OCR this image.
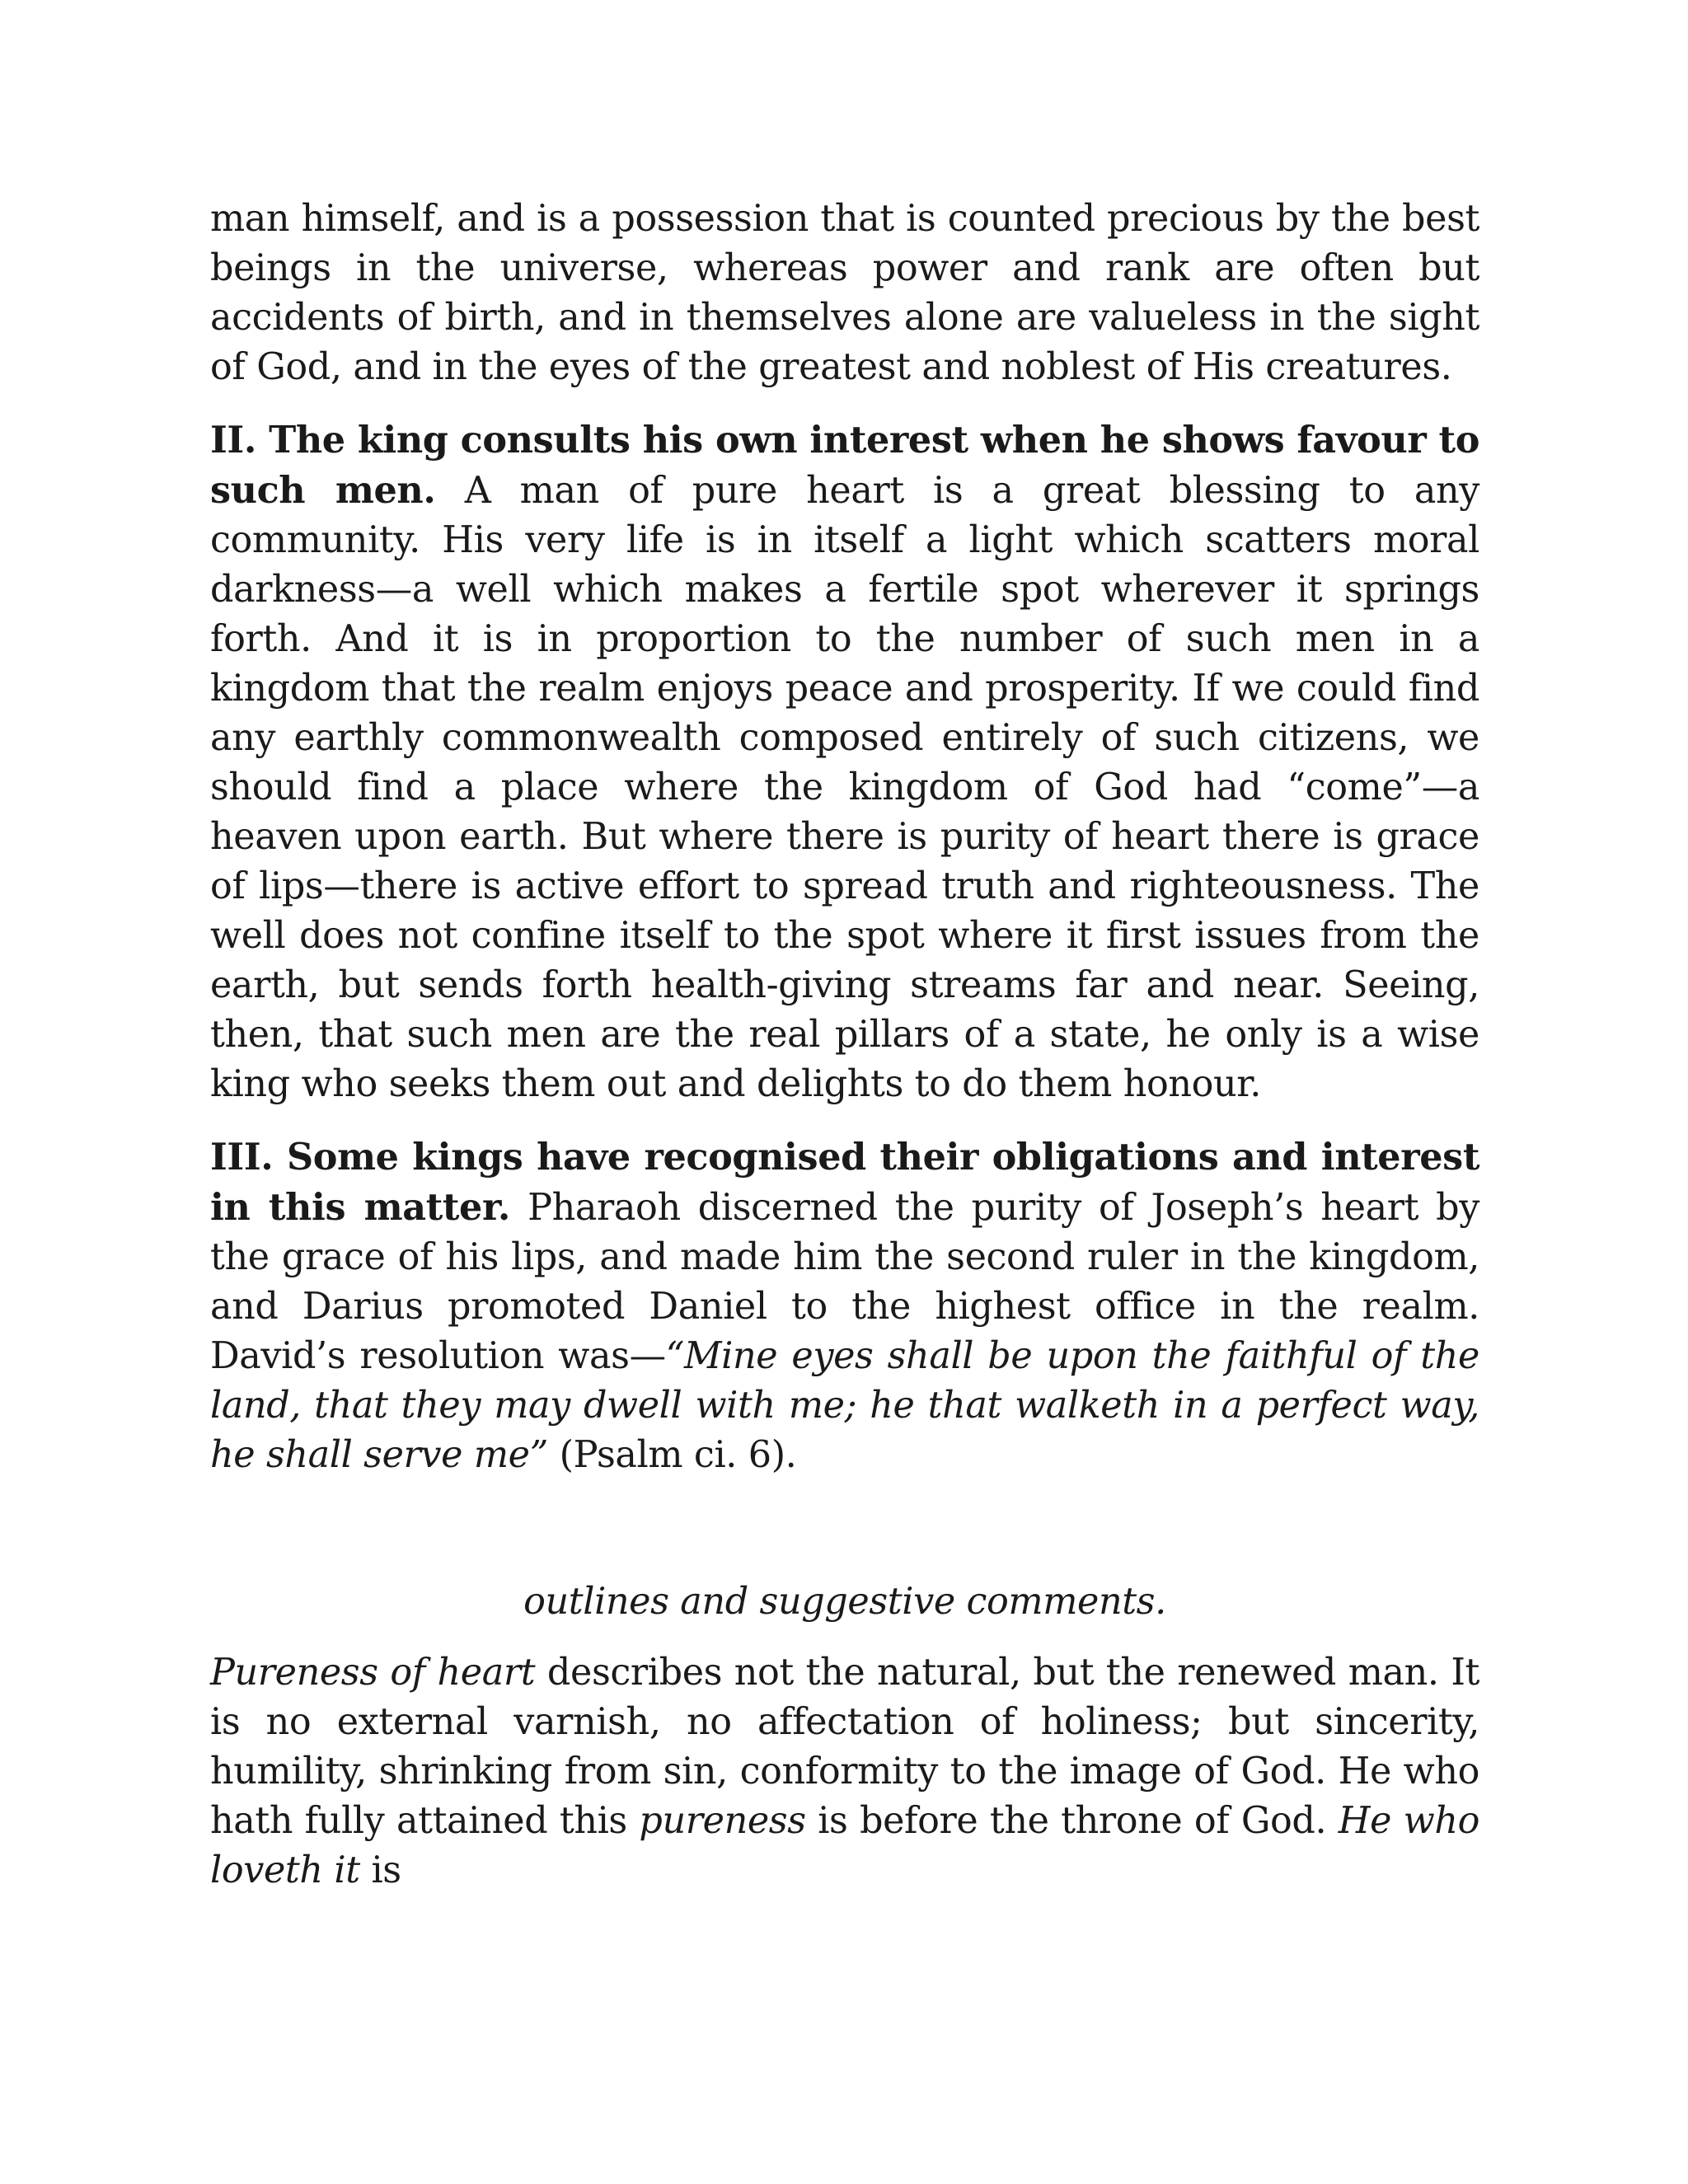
man himself, and is a possession that is counted precious by the best beings in the universe, whereas power and rank are often but accidents of birth, and in themselves alone are valueless in the sight of God, and in the eyes of the greatest and noblest of His creatures.

II. The king consults his own interest when he shows favour to such men. A man of pure heart is a great blessing to any community. His very life is in itself a light which scatters moral darkness—a well which makes a fertile spot wherever it springs forth. And it is in proportion to the number of such men in a kingdom that the realm enjoys peace and prosperity. If we could find any earthly commonwealth composed entirely of such citizens, we should find a place where the kingdom of God had “come”—a heaven upon earth. But where there is purity of heart there is grace of lips—there is active effort to spread truth and righteousness. The well does not confine itself to the spot where it first issues from the earth, but sends forth health-giving streams far and near. Seeing, then, that such men are the real pillars of a state, he only is a wise king who seeks them out and delights to do them honour.

III. Some kings have recognised their obligations and interest in this matter. Pharaoh discerned the purity of Joseph’s heart by the grace of his lips, and made him the second ruler in the kingdom, and Darius promoted Daniel to the highest office in the realm. David’s resolution was—“Mine eyes shall be upon the faithful of the land, that they may dwell with me; he that walketh in a perfect way, he shall serve me” (Psalm ci. 6).

outlines and suggestive comments.

Pureness of heart describes not the natural, but the renewed man. It is no external varnish, no affectation of holiness; but sincerity, humility, shrinking from sin, conformity to the image of God. He who hath fully attained this pureness is before the throne of God. He who loveth it is
